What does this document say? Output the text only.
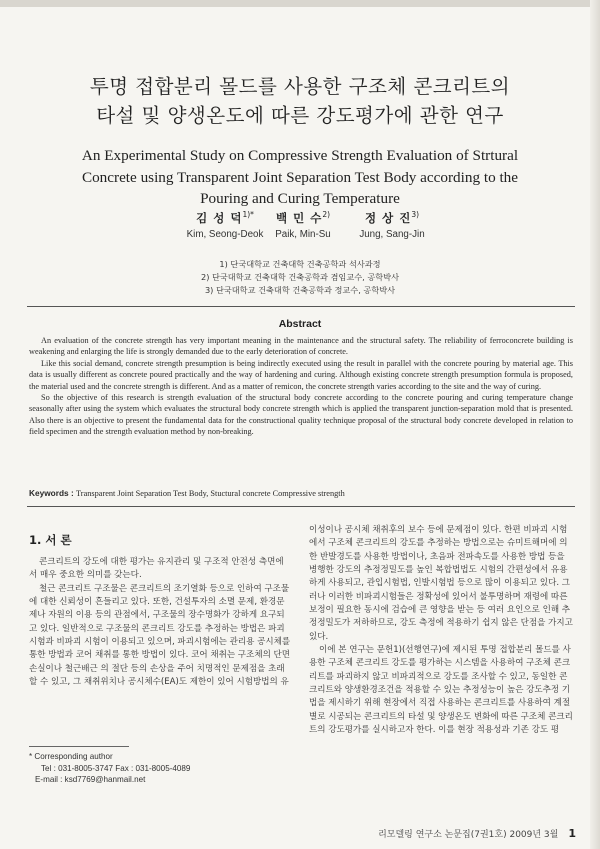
투명 접합분리 몰드를 사용한 구조체 콘크리트의
타설 및 양생온도에 따른 강도평가에 관한 연구
An Experimental Study on Compressive Strength Evaluation of Strtural
Concrete using Transparent Joint Separation Test Body according to the
Pouring and Curing Temperature
김 성 덕$^{1)*}$
Kim, Seong-Deok
백 민 수$^{2)}$
Paik, Min-Su
정 상 진$^{3)}$
Jung, Sang-Jin
1) 단국대학교 건축대학 건축공학과 석사과정
2) 단국대학교 건축대학 건축공학과 겸임교수, 공학박사
3) 단국대학교 건축대학 건축공학과 정교수, 공학박사
Abstract

An evaluation of the concrete strength has very important meaning in the maintenance and the structural safety. The reliability of ferroconcrete building is weakening and enlarging the life is strongly demanded due to the early deterioration of concrete.

Like this social demand, concrete strength presumption is being indirectly executed using the result in parallel with the concrete pouring by material age. This data is usually different as concrete poured practically and the way of hardening and curing. Although existing concrete strength presumption formula is proposed, the material used and the concrete strength is different. And as a matter of remicon, the concrete strength varies according to the site and the way of curing.

So the objective of this research is strength evaluation of the structural body concrete according to the concrete pouring and curing temperature change seasonally after using the system which evaluates the structural body concrete strength which is applied the transparent junction-separation mold that is presented. Also there is an objective to present the fundamental data for the constructional quality technique proposal of the structural body concrete developed in relation to field specimen and the strength evaluation method by non-breaking.

Keywords : Transparent Joint Separation Test Body, Stuctural concrete Compressive strength
1. 서 론

콘크리트의 강도에 대한 평가는 유지관리 및 구조적 안전성 측면에서 매우 중요한 의미를 갖는다.

철근 콘크리트 구조물은 콘크리트의 조기열화 등으로 인하여 구조물에 대한 신뢰성이 흔들리고 있다. 또한, 건설투자의 소멸 문제, 환경문제나 자원의 이용 등의 관점에서, 구조물의 장수명화가 강하게 요구되고 있다. 일반적으로 구조물의 콘크리트 강도를 추정하는 방법은 파괴시험과 비파괴 시험이 이용되고 있으며, 파괴시험에는 관리용 공시체를 통한 방법과 코어 채취를 통한 방법이 있다. 코어 채취는 구조체의 단면손실이나 철근배근 의 절단 등의 손상을 주어 치명적인 문제점을 초래할 수 있고, 그 채취위치나 공시체수(EA)도 제한이 있어 시험방법의 유

* Corresponding author
Tel : 031-8005-3747 Fax : 031-8005-4089
E-mail : ksd7769@hanmail.net

이성이나 공시체 채취후의 보수 등에 문제점이 있다. 한편 비파괴 시험에서 구조체 콘크리트의 강도를 추정하는 방법으로는 슈미트해머에 의한 반발경도를 사용한 방법이나, 초음파 전파속도를 사용한 방법 등을 병행한 강도의 추정정밀도를 높인 복합법법도 시험의 간편성에서 유용하게 사용되고, 관입시험법, 인발시험법 등으로 많이 이용되고 있다. 그러나 이러한 비파괴시험들은 정확성에 있어서 불투명하며 재령에 따른 보정이 필요한 동시에 검습에 큰 영향을 받는 등 여러 요인으로 인해 추정정밀도가 저하하므로, 강도 측정에 적용하기 쉽지 않은 단점을 가지고 있다.

이에 본 연구는 문헌1)(선행연구)에 제시된 투명 접합분리 몰드를 사용한 구조체 콘크리트 강도를 평가하는 시스템을 사용하여 구조체 콘크리트를 파괴하지 않고 비파괴적으로 강도를 조사할 수 있고, 동일한 콘크리트와 양생환경조건을 적용할 수 있는 추정성능이 높은 강도추정 기법을 제시하기 위해 현장에서 직접 사용하는 콘크리트를 사용하여 계절별로 시공되는 콘크리트의 타설 및 양생온도 변화에 따른 구조체 콘크리트의 강도평가를 실시하고자 한다. 이를 현장 적용성과 기존 강도 평

리모델링 연구소 논문집(7권1호) 2009년 3월 1
